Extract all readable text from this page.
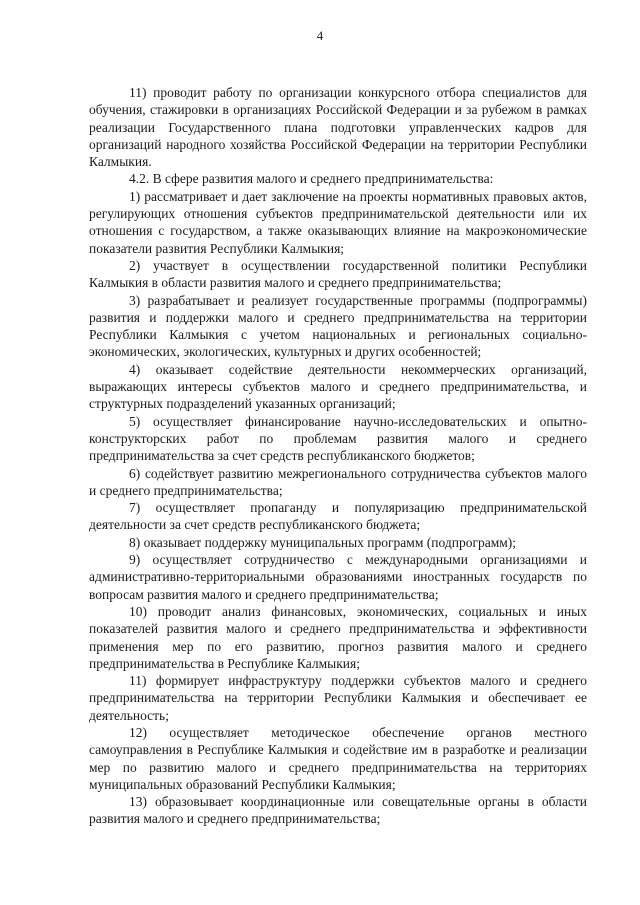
4

11) проводит работу по организации конкурсного отбора специалистов для обучения, стажировки в организациях Российской Федерации и за рубежом в рамках реализации Государственного плана подготовки управленческих кадров для организаций народного хозяйства Российской Федерации на территории Республики Калмыкия.

4.2. В сфере развития малого и среднего предпринимательства:

1) рассматривает и дает заключение на проекты нормативных правовых актов, регулирующих отношения субъектов предпринимательской деятельности или их отношения с государством, а также оказывающих влияние на макроэкономические показатели развития Республики Калмыкия;

2) участвует в осуществлении государственной политики Республики Калмыкия в области развития малого и среднего предпринимательства;

3) разрабатывает и реализует государственные программы (подпрограммы) развития и поддержки малого и среднего предпринимательства на территории Республики Калмыкия с учетом национальных и региональных социально-экономических, экологических, культурных и других особенностей;

4) оказывает содействие деятельности некоммерческих организаций, выражающих интересы субъектов малого и среднего предпринимательства, и структурных подразделений указанных организаций;

5) осуществляет финансирование научно-исследовательских и опытно-конструкторских работ по проблемам развития малого и среднего предпринимательства за счет средств республиканского бюджетов;

6) содействует развитию межрегионального сотрудничества субъектов малого и среднего предпринимательства;

7) осуществляет пропаганду и популяризацию предпринимательской деятельности за счет средств республиканского бюджета;

8) оказывает поддержку муниципальных программ (подпрограмм);

9) осуществляет сотрудничество с международными организациями и административно-территориальными образованиями иностранных государств по вопросам развития малого и среднего предпринимательства;

10) проводит анализ финансовых, экономических, социальных и иных показателей развития малого и среднего предпринимательства и эффективности применения мер по его развитию, прогноз развития малого и среднего предпринимательства в Республике Калмыкия;

11) формирует инфраструктуру поддержки субъектов малого и среднего предпринимательства на территории Республики Калмыкия и обеспечивает ее деятельность;

12) осуществляет методическое обеспечение органов местного самоуправления в Республике Калмыкия и содействие им в разработке и реализации мер по развитию малого и среднего предпринимательства на территориях муниципальных образований Республики Калмыкия;

13) образовывает координационные или совещательные органы в области развития малого и среднего предпринимательства;
